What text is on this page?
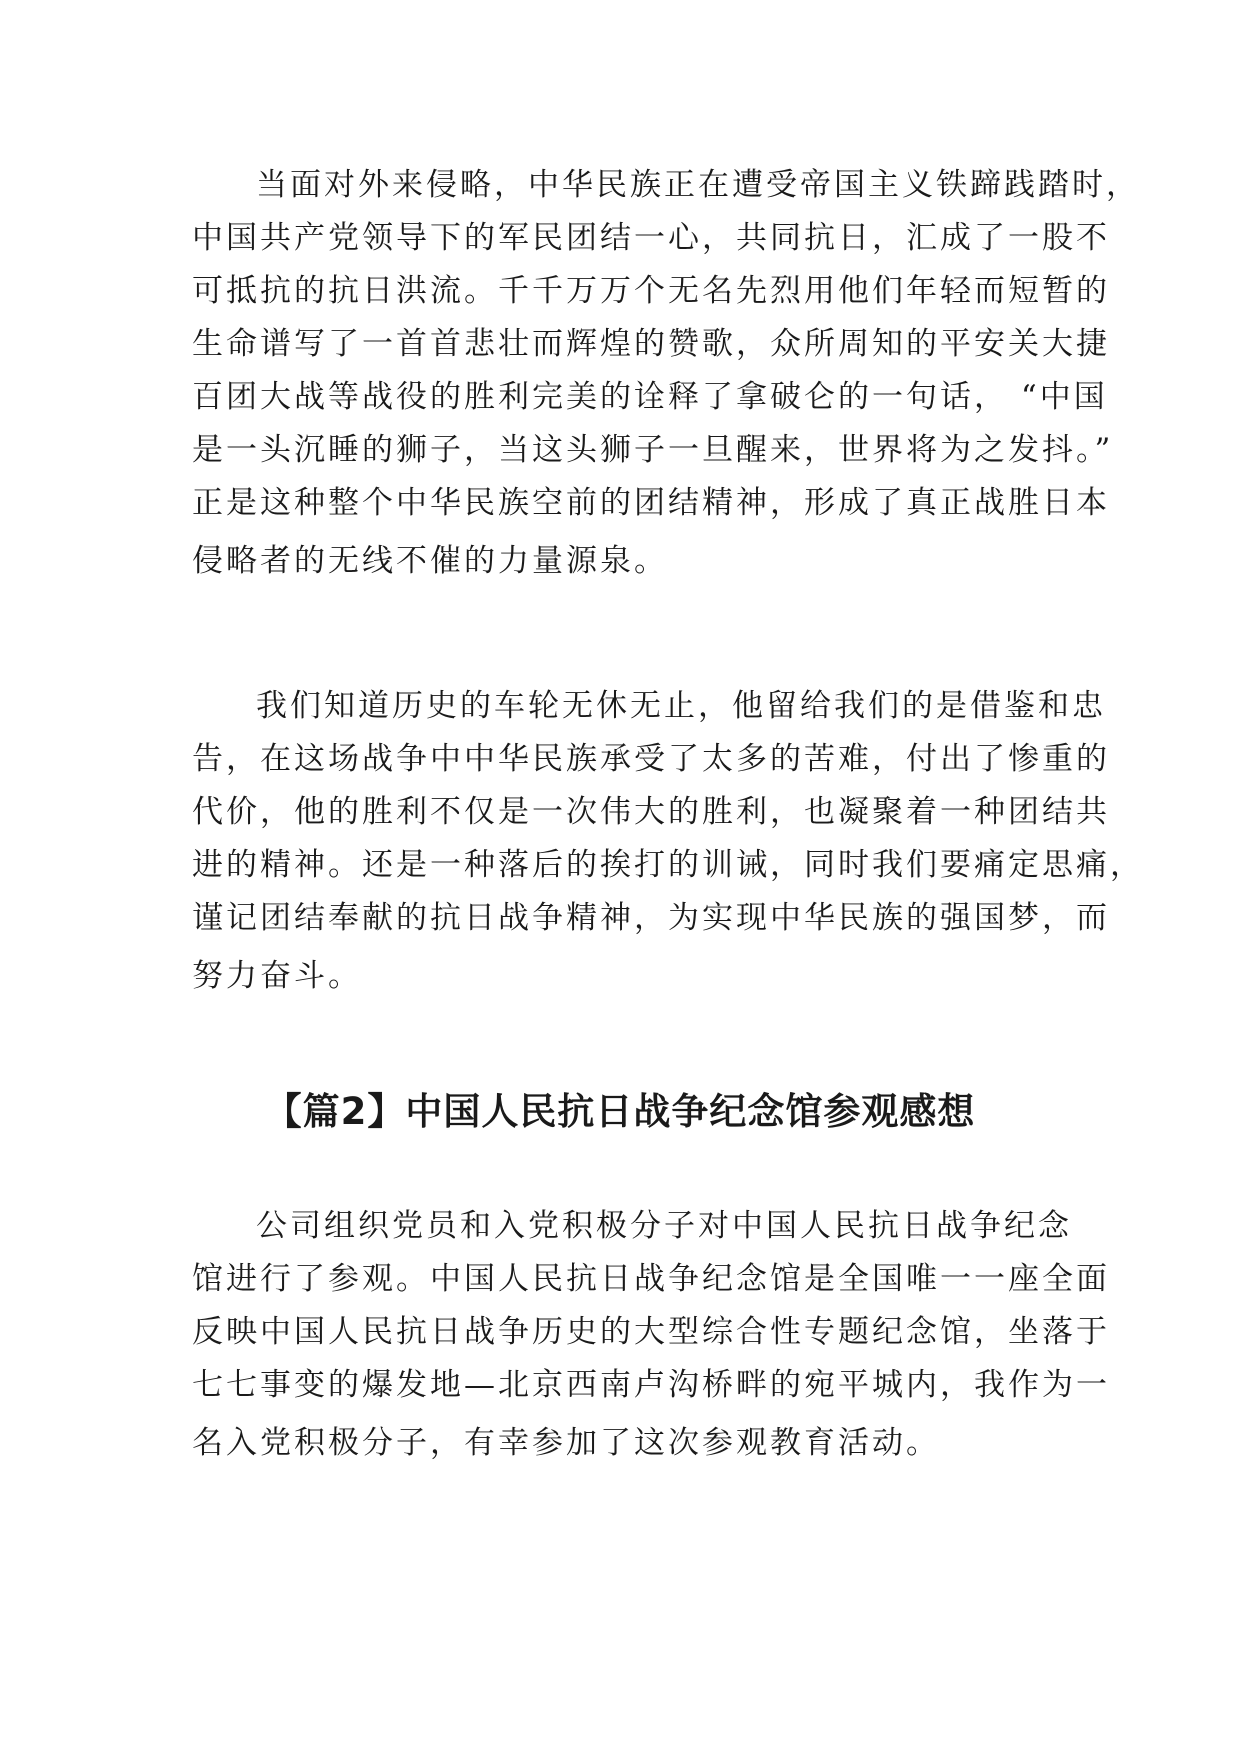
当面对外来侵略，中华民族正在遭受帝国主义铁蹄践踏时，
中国共产党领导下的军民团结一心，共同抗日，汇成了一股不
可抵抗的抗日洪流。千千万万个无名先烈用他们年轻而短暂的
生命谱写了一首首悲壮而辉煌的赞歌，众所周知的平安关大捷
百团大战等战役的胜利完美的诠释了拿破仑的一句话， “中国
是一头沉睡的狮子，当这头狮子一旦醒来，世界将为之发抖。”
正是这种整个中华民族空前的团结精神，形成了真正战胜日本
侵略者的无线不催的力量源泉。
我们知道历史的车轮无休无止，他留给我们的是借鉴和忠
告，在这场战争中中华民族承受了太多的苦难，付出了惨重的
代价，他的胜利不仅是一次伟大的胜利，也凝聚着一种团结共
进的精神。还是一种落后的挨打的训诫，同时我们要痛定思痛，
谨记团结奉献的抗日战争精神，为实现中华民族的强国梦，而
努力奋斗。
【篇2】中国人民抗日战争纪念馆参观感想
公司组织党员和入党积极分子对中国人民抗日战争纪念
馆进行了参观。中国人民抗日战争纪念馆是全国唯一一座全面
反映中国人民抗日战争历史的大型综合性专题纪念馆，坐落于
七七事变的爆发地—北京西南卢沟桥畔的宛平城内，我作为一
名入党积极分子，有幸参加了这次参观教育活动。
